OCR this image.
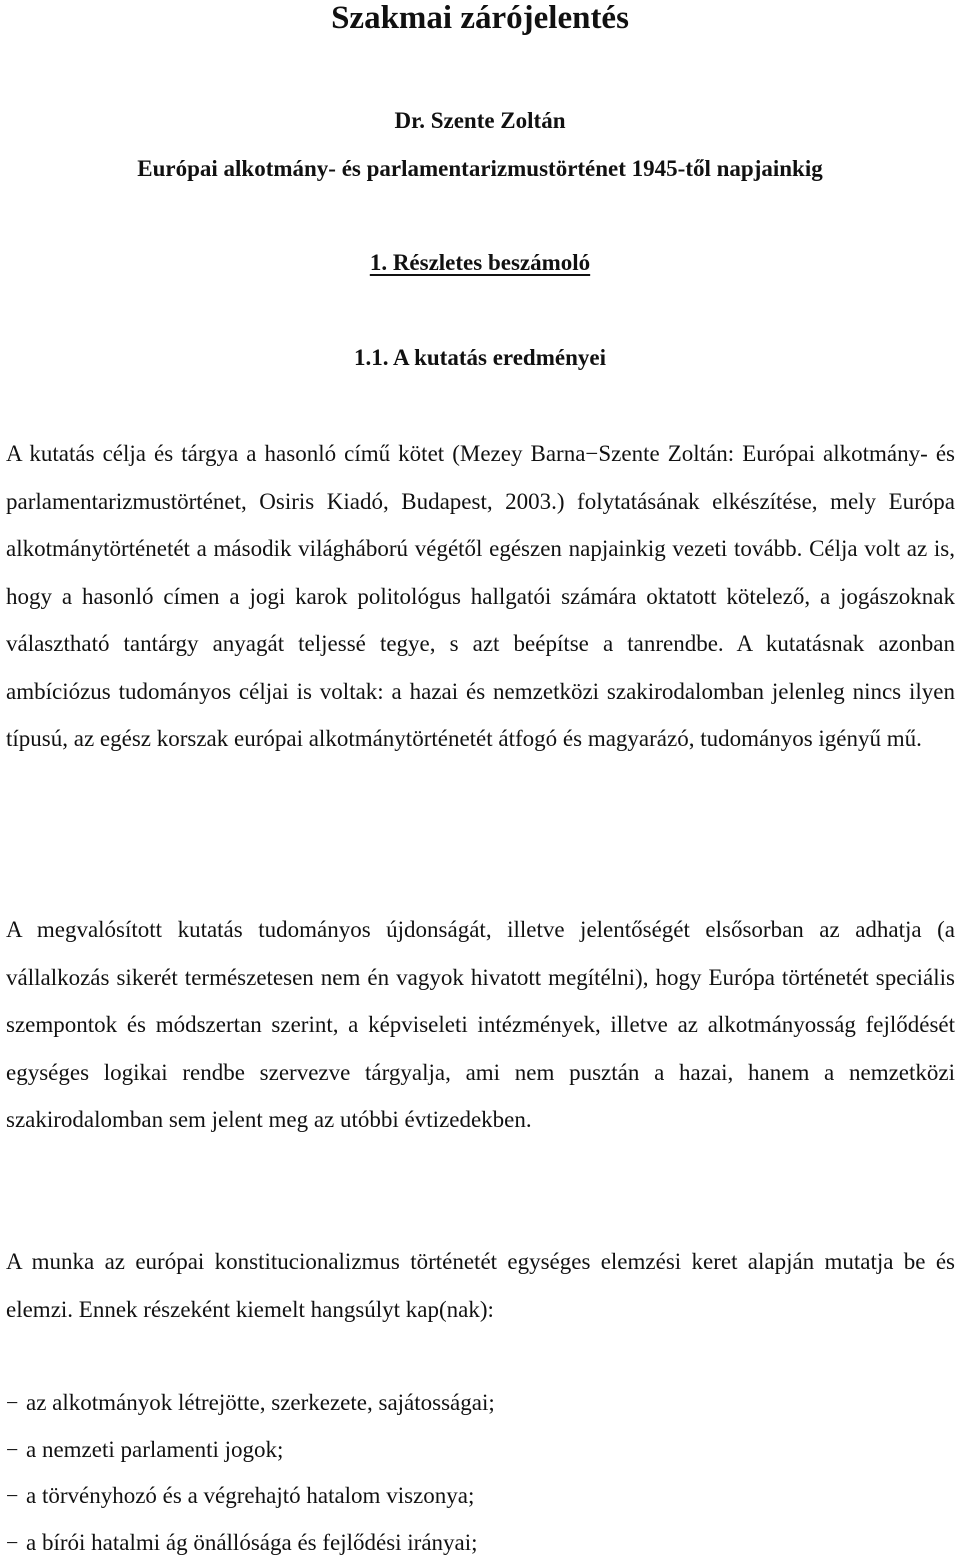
Szakmai zárójelentés

Dr. Szente Zoltán

Európai alkotmány- és parlamentarizmustörténet 1945-től napjainkig

1. Részletes beszámoló
1.1. A kutatás eredményei

A kutatás célja és tárgya a hasonló című kötet (Mezey Barna−Szente Zoltán: Európai alkotmány- és parlamentarizmustörténet, Osiris Kiadó, Budapest, 2003.) folytatásának elkészítése, mely Európa alkotmánytörténetét a második világháború végétől egészen napjainkig vezeti tovább. Célja volt az is, hogy a hasonló címen a jogi karok politológus hallgatói számára oktatott kötelező, a jogászoknak választható tantárgy anyagát teljessé tegye, s azt beépítse a tanrendbe. A kutatásnak azonban ambíciózus tudományos céljai is voltak: a hazai és nemzetközi szakirodalomban jelenleg nincs ilyen típusú, az egész korszak európai alkotmánytörténetét átfogó és magyarázó, tudományos igényű mű.

A megvalósított kutatás tudományos újdonságát, illetve jelentőségét elsősorban az adhatja (a vállalkozás sikerét természetesen nem én vagyok hivatott megítélni), hogy Európa történetét speciális szempontok és módszertan szerint, a képviseleti intézmények, illetve az alkotmányosság fejlődését egységes logikai rendbe szervezve tárgyalja, ami nem pusztán a hazai, hanem a nemzetközi szakirodalomban sem jelent meg az utóbbi évtizedekben.

A munka az európai konstitucionalizmus történetét egységes elemzési keret alapján mutatja be és elemzi. Ennek részeként kiemelt hangsúlyt kap(nak):

− az alkotmányok létrejötte, szerkezete, sajátosságai;
− a nemzeti parlamenti jogok;
− a törvényhozó és a végrehajtó hatalom viszonya;
− a bírói hatalmi ág önállósága és fejlődési irányai;
